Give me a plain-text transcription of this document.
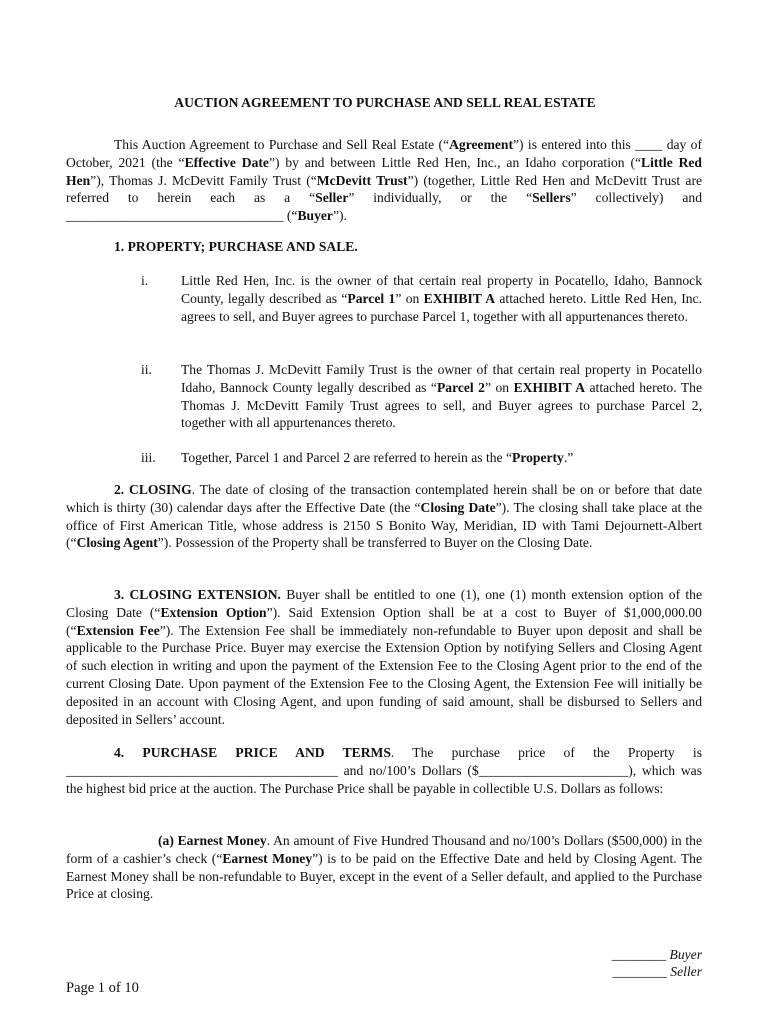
AUCTION AGREEMENT TO PURCHASE AND SELL REAL ESTATE

This Auction Agreement to Purchase and Sell Real Estate (“Agreement”) is entered into this ____ day of October, 2021 (the “Effective Date”) by and between Little Red Hen, Inc., an Idaho corporation (“Little Red Hen”), Thomas J. McDevitt Family Trust (“McDevitt Trust”) (together, Little Red Hen and McDevitt Trust are referred to herein each as a “Seller” individually, or the “Sellers” collectively) and ________________________________ (“Buyer”).

1. PROPERTY; PURCHASE AND SALE.
i.	Little Red Hen, Inc. is the owner of that certain real property in Pocatello, Idaho, Bannock County, legally described as “Parcel 1” on EXHIBIT A attached hereto. Little Red Hen, Inc. agrees to sell, and Buyer agrees to purchase Parcel 1, together with all appurtenances thereto.
ii.	The Thomas J. McDevitt Family Trust is the owner of that certain real property in Pocatello Idaho, Bannock County legally described as “Parcel 2” on EXHIBIT A attached hereto. The Thomas J. McDevitt Family Trust agrees to sell, and Buyer agrees to purchase Parcel 2, together with all appurtenances thereto.
iii.	Together, Parcel 1 and Parcel 2 are referred to herein as the “Property.”

2. CLOSING. The date of closing of the transaction contemplated herein shall be on or before that date which is thirty (30) calendar days after the Effective Date (the “Closing Date”). The closing shall take place at the office of First American Title, whose address is 2150 S Bonito Way, Meridian, ID with Tami Dejournett-Albert (“Closing Agent”). Possession of the Property shall be transferred to Buyer on the Closing Date.

3. CLOSING EXTENSION. Buyer shall be entitled to one (1), one (1) month extension option of the Closing Date (“Extension Option”). Said Extension Option shall be at a cost to Buyer of $1,000,000.00 (“Extension Fee”). The Extension Fee shall be immediately non-refundable to Buyer upon deposit and shall be applicable to the Purchase Price. Buyer may exercise the Extension Option by notifying Sellers and Closing Agent of such election in writing and upon the payment of the Extension Fee to the Closing Agent prior to the end of the current Closing Date. Upon payment of the Extension Fee to the Closing Agent, the Extension Fee will initially be deposited in an account with Closing Agent, and upon funding of said amount, shall be disbursed to Sellers and deposited in Sellers’ account.

4. PURCHASE PRICE AND TERMS. The purchase price of the Property is ________________________________________ and no/100’s Dollars ($______________________), which was the highest bid price at the auction. The Purchase Price shall be payable in collectible U.S. Dollars as follows:

(a) Earnest Money. An amount of Five Hundred Thousand and no/100’s Dollars ($500,000) in the form of a cashier’s check (“Earnest Money”) is to be paid on the Effective Date and held by Closing Agent. The Earnest Money shall be non-refundable to Buyer, except in the event of a Seller default, and applied to the Purchase Price at closing.

________ Buyer
________ Seller
Page 1 of 10
